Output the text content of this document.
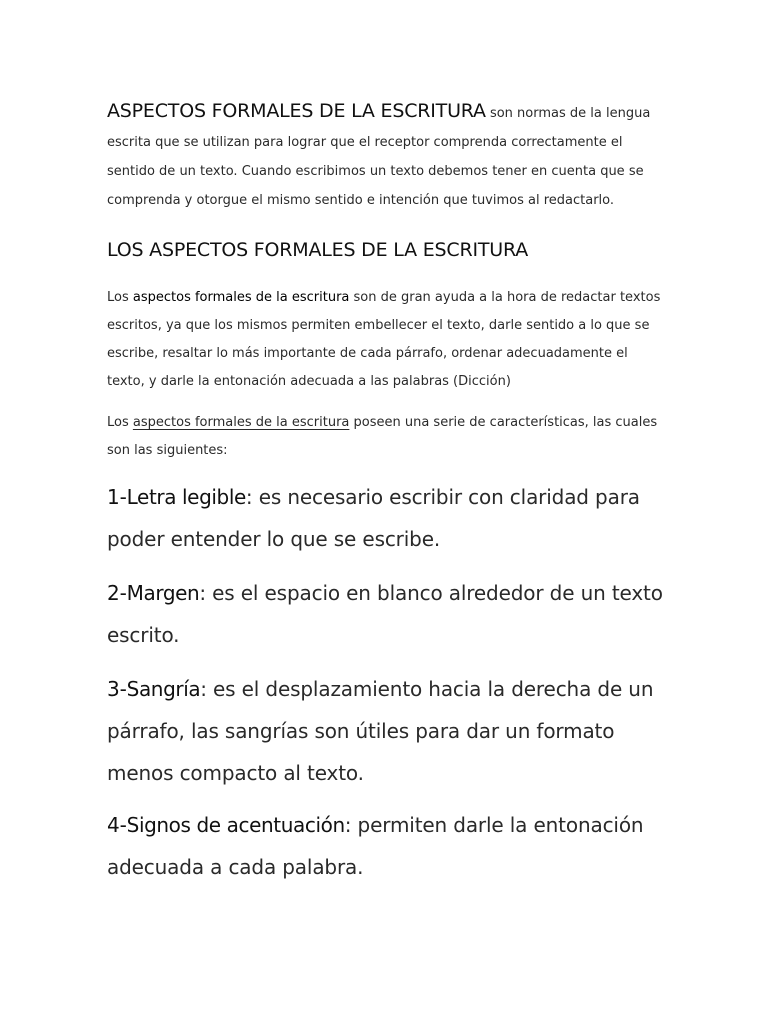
ASPECTOS FORMALES DE LA ESCRITURA son normas de la lengua escrita que se utilizan para lograr que el receptor comprenda correctamente el sentido de un texto. Cuando escribimos un texto debemos tener en cuenta que se comprenda y otorgue el mismo sentido e intención que tuvimos al redactarlo.
LOS ASPECTOS FORMALES DE LA ESCRITURA
Los aspectos formales de la escritura son de gran ayuda a la hora de redactar textos escritos, ya que los mismos permiten embellecer el texto, darle sentido a lo que se escribe, resaltar lo más importante de cada párrafo, ordenar adecuadamente el texto, y darle la entonación adecuada a las palabras (Dicción)
Los aspectos formales de la escritura poseen una serie de características, las cuales son las siguientes:
1-Letra legible: es necesario escribir con claridad para poder entender lo que se escribe.
2-Margen: es el espacio en blanco alrededor de un texto escrito.
3-Sangría: es el desplazamiento hacia la derecha de un párrafo, las sangrías son útiles para dar un formato menos compacto al texto.
4-Signos de acentuación: permiten darle la entonación adecuada a cada palabra.
